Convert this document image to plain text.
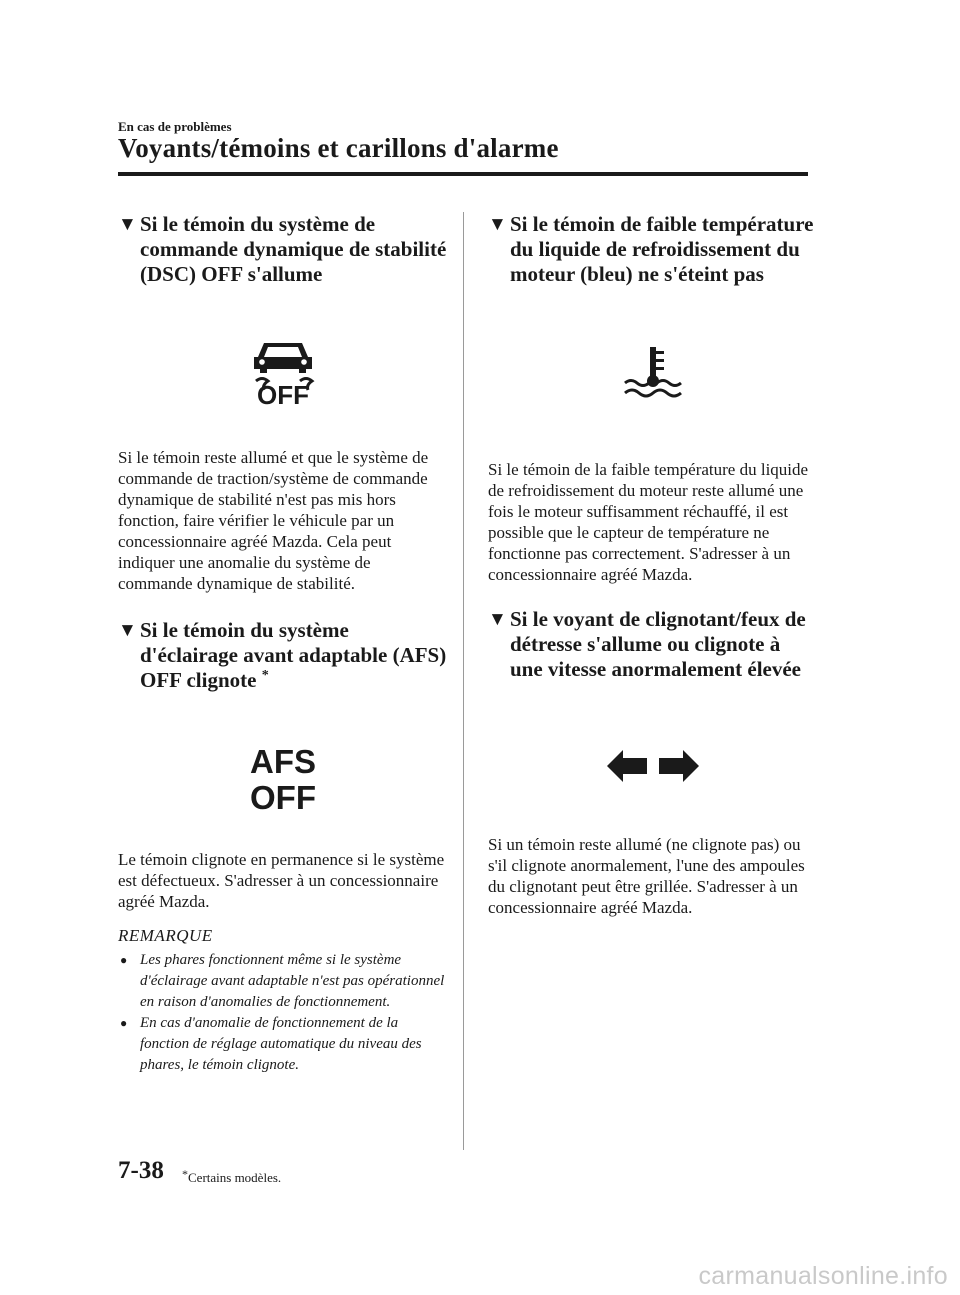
En cas de problèmes
Voyants/témoins et carillons d'alarme
▼ Si le témoin du système de commande dynamique de stabilité (DSC) OFF s'allume
OFF

Si le témoin reste allumé et que le système de commande de traction/système de commande dynamique de stabilité n'est pas mis hors fonction, faire vérifier le véhicule par un concessionnaire agréé Mazda. Cela peut indiquer une anomalie du système de commande dynamique de stabilité.

▼ Si le témoin du système d'éclairage avant adaptable (AFS) OFF clignote *
AFS
OFF

Le témoin clignote en permanence si le système est défectueux. S'adresser à un concessionnaire agréé Mazda.

REMARQUE
● Les phares fonctionnent même si le système d'éclairage avant adaptable n'est pas opérationnel en raison d'anomalies de fonctionnement.
● En cas d'anomalie de fonctionnement de la fonction de réglage automatique du niveau des phares, le témoin clignote.
▼ Si le témoin de faible température du liquide de refroidissement du moteur (bleu) ne s'éteint pas

Si le témoin de la faible température du liquide de refroidissement du moteur reste allumé une fois le moteur suffisamment réchauffé, il est possible que le capteur de température ne fonctionne pas correctement. S'adresser à un concessionnaire agréé Mazda.

▼ Si le voyant de clignotant/feux de détresse s'allume ou clignote à une vitesse anormalement élevée

Si un témoin reste allumé (ne clignote pas) ou s'il clignote anormalement, l'une des ampoules du clignotant peut être grillée. S'adresser à un concessionnaire agréé Mazda.

7-38 *Certains modèles.
carmanualsonline.info
